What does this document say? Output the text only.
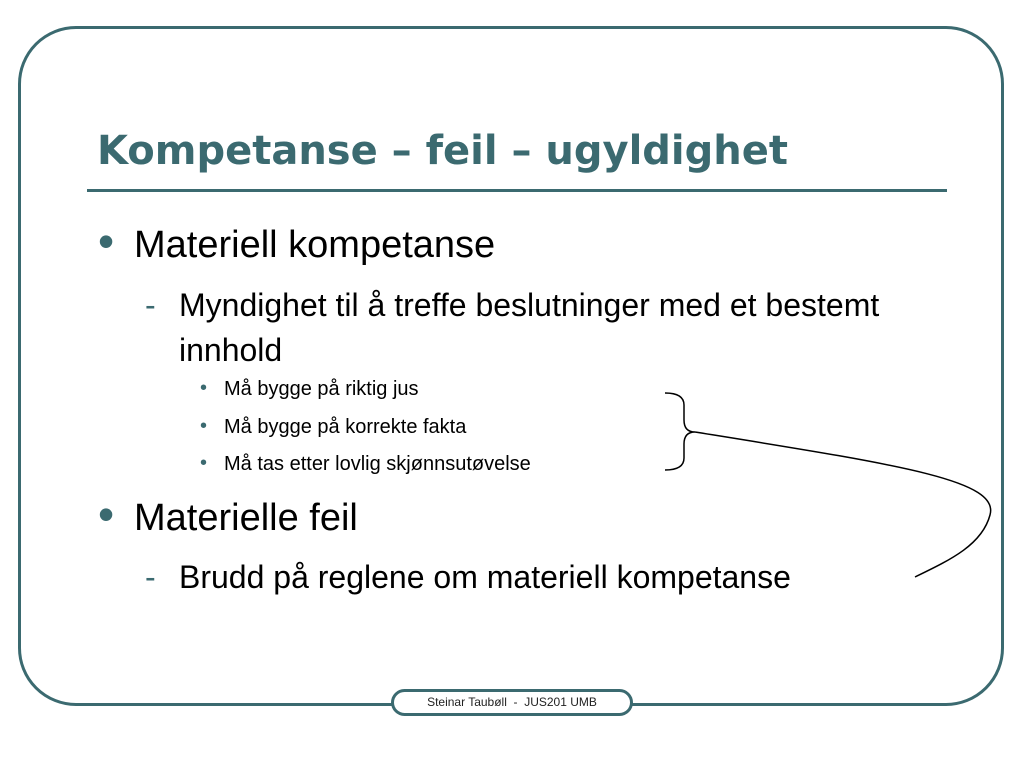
Kompetanse – feil – ugyldighet
• Materiell kompetanse
- Myndighet til å treffe beslutninger med et bestemt innhold
• Må bygge på riktig jus
• Må bygge på korrekte fakta
• Må tas etter lovlig skjønnsutøvelse
• Materielle feil
- Brudd på reglene om materiell kompetanse
Steinar Taubøll  -  JUS201 UMB
